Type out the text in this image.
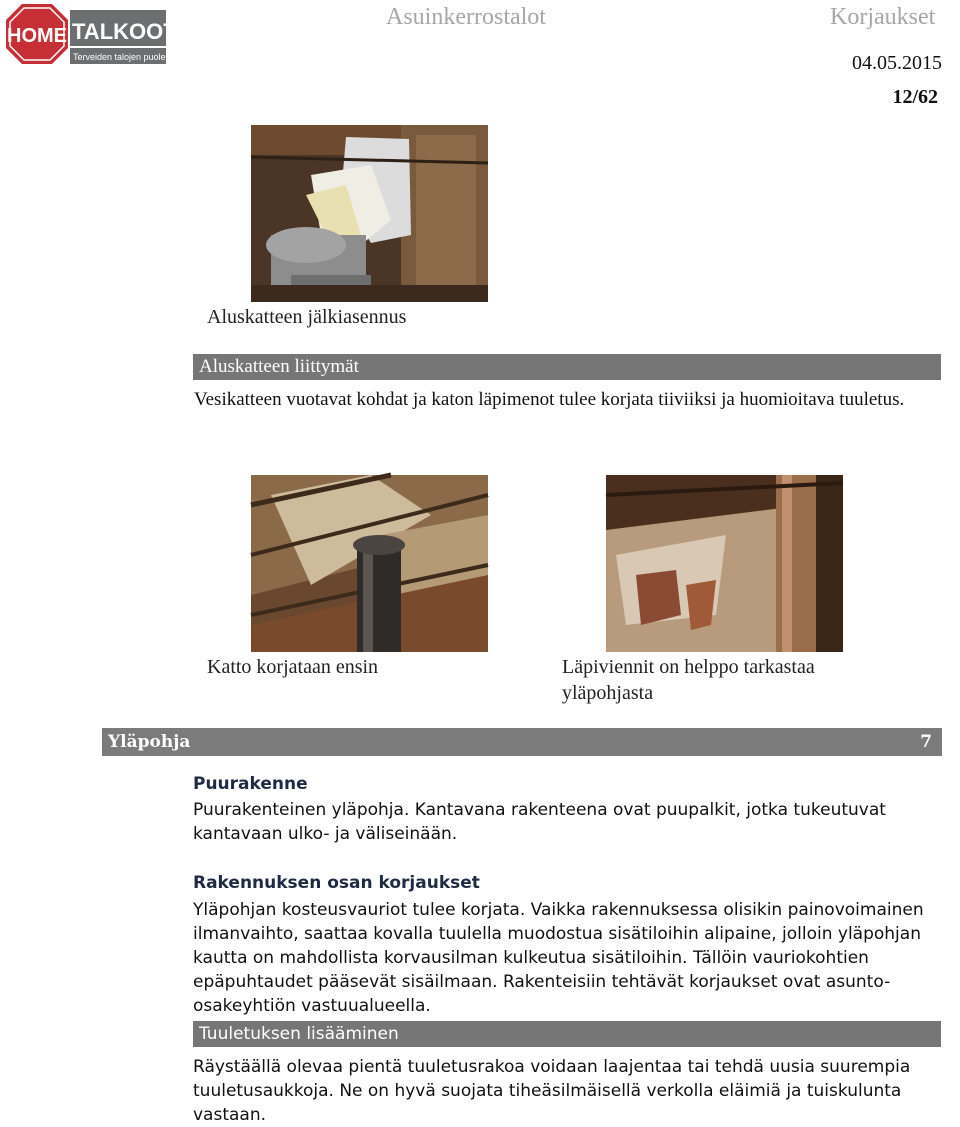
HOME TALKOOT.FI
Terveiden talojen puolesta
Asuinkerrostalot	Korjaukset
04.05.2015
12/62
Aluskatteen jälkiasennus
Aluskatteen liittymät
Vesikatteen vuotavat kohdat ja katon läpimenot tulee korjata tiiviiksi ja huomioitava tuuletus.
Katto korjataan ensin	Läpiviennit on helppo tarkastaa yläpohjasta
Yläpohja	7
Puurakenne
Puurakenteinen yläpohja. Kantavana rakenteena ovat puupalkit, jotka tukeutuvat kantavaan ulko- ja väliseinään.
Rakennuksen osan korjaukset
Yläpohjan kosteusvauriot tulee korjata. Vaikka rakennuksessa olisikin painovoimainen ilmanvaihto, saattaa kovalla tuulella muodostua sisätiloihin alipaine, jolloin yläpohjan kautta on mahdollista korvausilman kulkeutua sisätiloihin. Tällöin vauriokohtien epäpuhtaudet pääsevät sisäilmaan. Rakenteisiin tehtävät korjaukset ovat asunto-osakeyhtiön vastuualueella.
Tuuletuksen lisääminen
Räystäällä olevaa pientä tuuletusrakoa voidaan laajentaa tai tehdä uusia suurempia tuuletusaukkoja. Ne on hyvä suojata tiheäsilmäisellä verkolla eläimiä ja tuiskulunta vastaan.
